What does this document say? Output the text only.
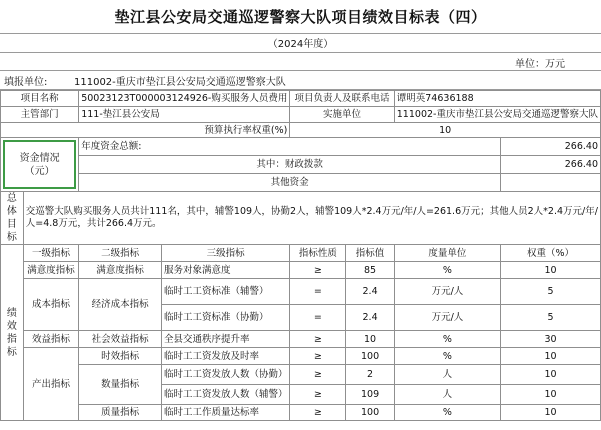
垫江县公安局交通巡逻警察大队项目绩效目标表（四）
（2024年度）
单位：万元
填报单位:	111002-重庆市垫江县公安局交通巡逻警察大队
项目名称		50023123T000003124926-购买服务人员费用		项目负责人及联系电话		谭明英74636188	
主管部门		111-垫江县公安局		实施单位		111002-重庆市垫江县公安局交通巡逻警察大队	
预算执行率权重(%)				10			

资金情况
（元）		年度资金总额:					266.40
		其中：财政拨款					266.40
		其他资金					
总体目标	交巡警大队购买服务人员共计111名，其中，辅警109人，协勤2人，辅警109人*2.4万元/年/人=261.6万元；其他人员2人*2.4万元/年/人=4.8万元，共计266.4万元。						
绩效指标	一级指标	二级指标	三级指标	指标性质	指标值	度量单位	权重（%）
	满意度指标	满意度指标	服务对象满意度	≥	85	%	10
	成本指标	经济成本指标	临时工工资标准（辅警）	=	2.4	万元/人	5
			临时工工资标准（协勤）	=	2.4	万元/人	5
	效益指标	社会效益指标	全县交通秩序提升率	≥	10	%	30
	产出指标	时效指标	临时工工资发放及时率	≥	100	%	10
		数量指标	临时工工资发放人数（协勤）	≥	2	人	10
			临时工工资发放人数（辅警）	≥	109	人	10
		质量指标	临时工工作质量达标率	≥	100	%	10
